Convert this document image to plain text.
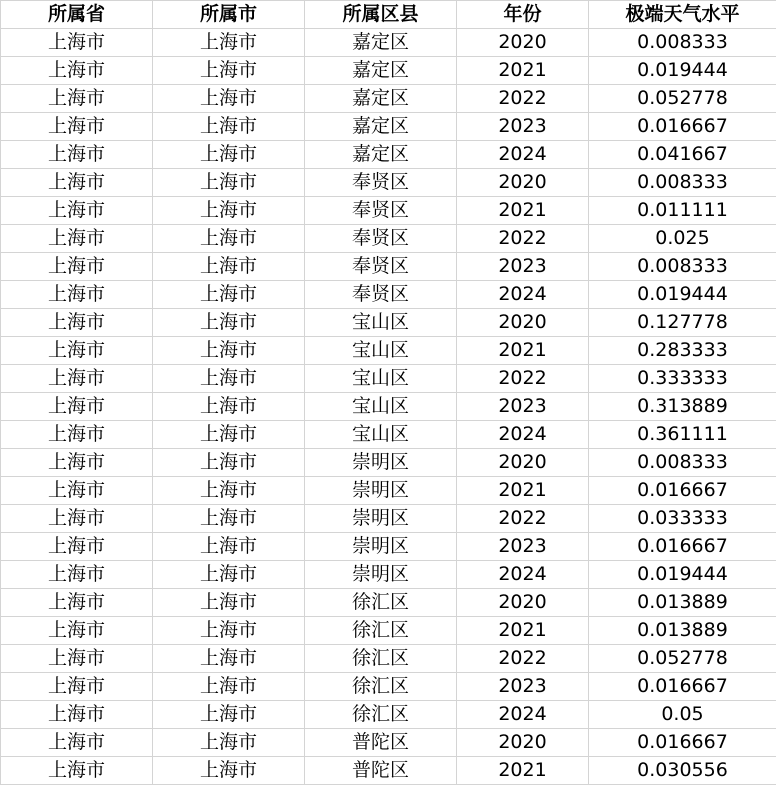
所属省	所属市	所属区县	年份	极端天气水平
上海市	上海市	嘉定区	2020	0.008333
上海市	上海市	嘉定区	2021	0.019444
上海市	上海市	嘉定区	2022	0.052778
上海市	上海市	嘉定区	2023	0.016667
上海市	上海市	嘉定区	2024	0.041667
上海市	上海市	奉贤区	2020	0.008333
上海市	上海市	奉贤区	2021	0.011111
上海市	上海市	奉贤区	2022	0.025
上海市	上海市	奉贤区	2023	0.008333
上海市	上海市	奉贤区	2024	0.019444
上海市	上海市	宝山区	2020	0.127778
上海市	上海市	宝山区	2021	0.283333
上海市	上海市	宝山区	2022	0.333333
上海市	上海市	宝山区	2023	0.313889
上海市	上海市	宝山区	2024	0.361111
上海市	上海市	崇明区	2020	0.008333
上海市	上海市	崇明区	2021	0.016667
上海市	上海市	崇明区	2022	0.033333
上海市	上海市	崇明区	2023	0.016667
上海市	上海市	崇明区	2024	0.019444
上海市	上海市	徐汇区	2020	0.013889
上海市	上海市	徐汇区	2021	0.013889
上海市	上海市	徐汇区	2022	0.052778
上海市	上海市	徐汇区	2023	0.016667
上海市	上海市	徐汇区	2024	0.05
上海市	上海市	普陀区	2020	0.016667
上海市	上海市	普陀区	2021	0.030556
